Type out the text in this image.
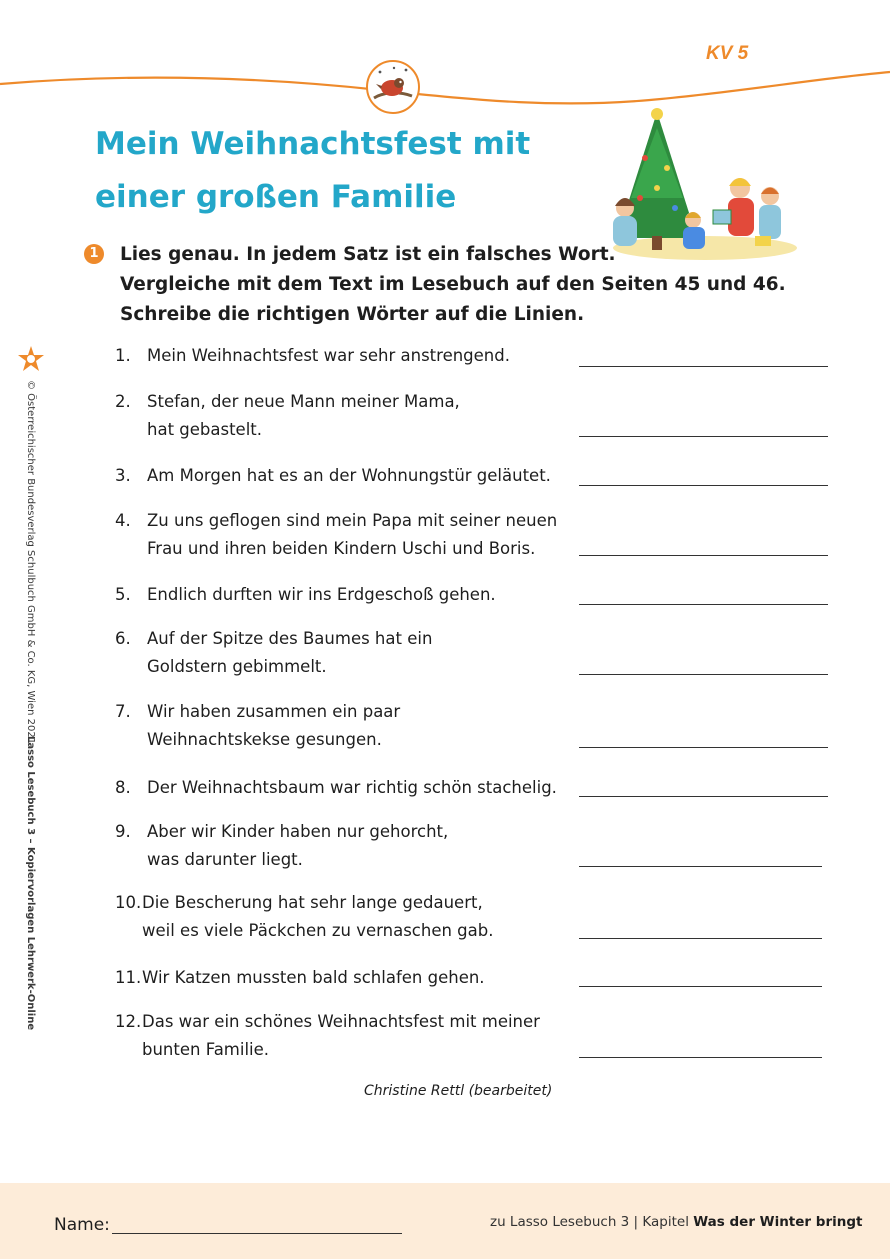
KV 5
Mein Weihnachtsfest mit
einer großen Familie
1 Lies genau. In jedem Satz ist ein falsches Wort.
Vergleiche mit dem Text im Lesebuch auf den Seiten 45 und 46.
Schreibe die richtigen Wörter auf die Linien.
© Österreichischer Bundesverlag Schulbuch GmbH & Co. KG, Wien 2021
Lasso Lesebuch 3 – Kopiervorlagen Lehrwerk-Online
1. Mein Weihnachtsfest war sehr anstrengend.
2. Stefan, der neue Mann meiner Mama,
hat gebastelt.
3. Am Morgen hat es an der Wohnungstür geläutet.
4. Zu uns geflogen sind mein Papa mit seiner neuen
Frau und ihren beiden Kindern Uschi und Boris.
5. Endlich durften wir ins Erdgeschoß gehen.
6. Auf der Spitze des Baumes hat ein
Goldstern gebimmelt.
7. Wir haben zusammen ein paar
Weihnachtskekse gesungen.
8. Der Weihnachtsbaum war richtig schön stachelig.
9. Aber wir Kinder haben nur gehorcht,
was darunter liegt.
10.Die Bescherung hat sehr lange gedauert,
weil es viele Päckchen zu vernaschen gab.
11.Wir Katzen mussten bald schlafen gehen.
12.Das war ein schönes Weihnachtsfest mit meiner
bunten Familie.
Christine Rettl (bearbeitet)
Name:	zu Lasso Lesebuch 3 | Kapitel Was der Winter bringt
